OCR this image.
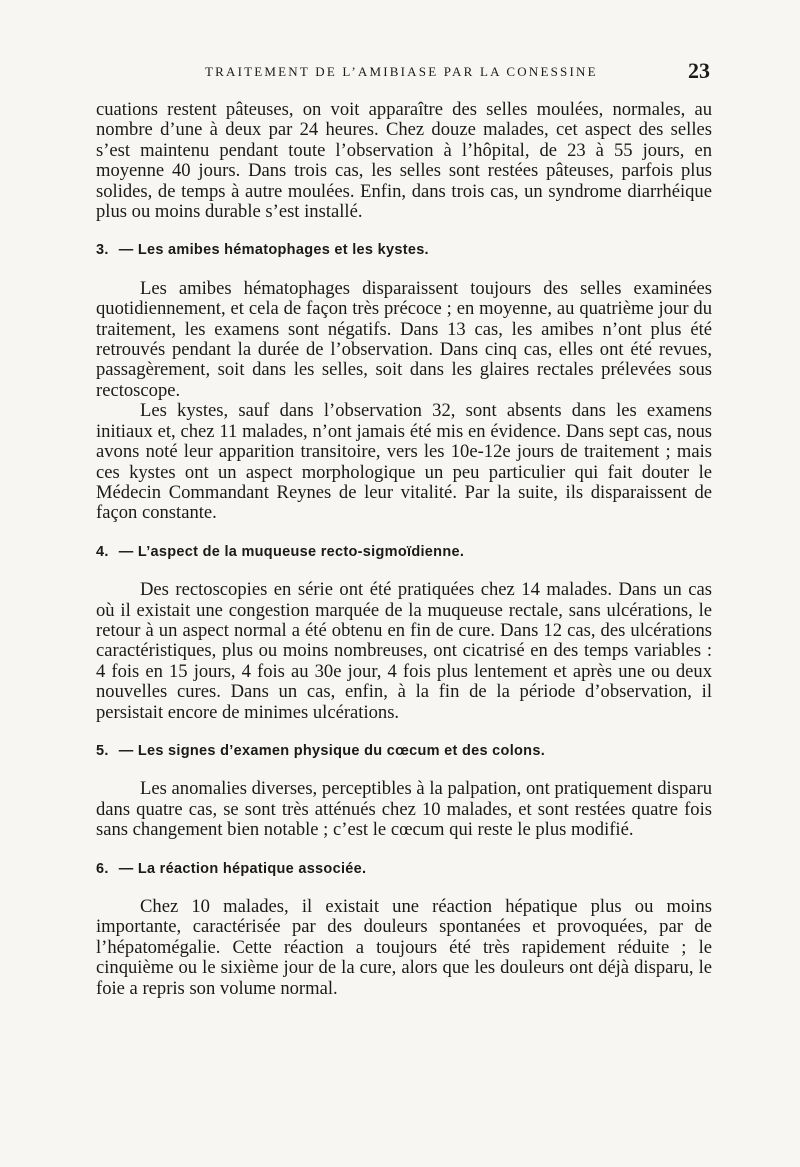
TRAITEMENT DE L’AMIBIASE PAR LA CONESSINE	23

cuations restent pâteuses, on voit apparaître des selles moulées, normales, au nombre d’une à deux par 24 heures. Chez douze malades, cet aspect des selles s’est maintenu pendant toute l’observation à l’hôpital, de 23 à 55 jours, en moyenne 40 jours. Dans trois cas, les selles sont restées pâteuses, parfois plus solides, de temps à autre moulées. Enfin, dans trois cas, un syndrome diarrhéique plus ou moins durable s’est installé.

3. — Les amibes hématophages et les kystes.

Les amibes hématophages disparaissent toujours des selles examinées quotidiennement, et cela de façon très précoce ; en moyenne, au quatrième jour du traitement, les examens sont négatifs. Dans 13 cas, les amibes n’ont plus été retrouvés pendant la durée de l’observation. Dans cinq cas, elles ont été revues, passagèrement, soit dans les selles, soit dans les glaires rectales prélevées sous rectoscope.

Les kystes, sauf dans l’observation 32, sont absents dans les examens initiaux et, chez 11 malades, n’ont jamais été mis en évidence. Dans sept cas, nous avons noté leur apparition transitoire, vers les 10e-12e jours de traitement ; mais ces kystes ont un aspect morphologique un peu particulier qui fait douter le Médecin Commandant Reynes de leur vitalité. Par la suite, ils disparaissent de façon constante.

4. — L’aspect de la muqueuse recto-sigmoïdienne.

Des rectoscopies en série ont été pratiquées chez 14 malades. Dans un cas où il existait une congestion marquée de la muqueuse rectale, sans ulcérations, le retour à un aspect normal a été obtenu en fin de cure. Dans 12 cas, des ulcérations caractéristiques, plus ou moins nombreuses, ont cicatrisé en des temps variables : 4 fois en 15 jours, 4 fois au 30e jour, 4 fois plus lentement et après une ou deux nouvelles cures. Dans un cas, enfin, à la fin de la période d’observation, il persistait encore de minimes ulcérations.

5. — Les signes d’examen physique du cœcum et des colons.

Les anomalies diverses, perceptibles à la palpation, ont pratiquement disparu dans quatre cas, se sont très atténués chez 10 malades, et sont restées quatre fois sans changement bien notable ; c’est le cœcum qui reste le plus modifié.

6. — La réaction hépatique associée.

Chez 10 malades, il existait une réaction hépatique plus ou moins importante, caractérisée par des douleurs spontanées et provoquées, par de l’hépatomégalie. Cette réaction a toujours été très rapidement réduite ; le cinquième ou le sixième jour de la cure, alors que les douleurs ont déjà disparu, le foie a repris son volume normal.
